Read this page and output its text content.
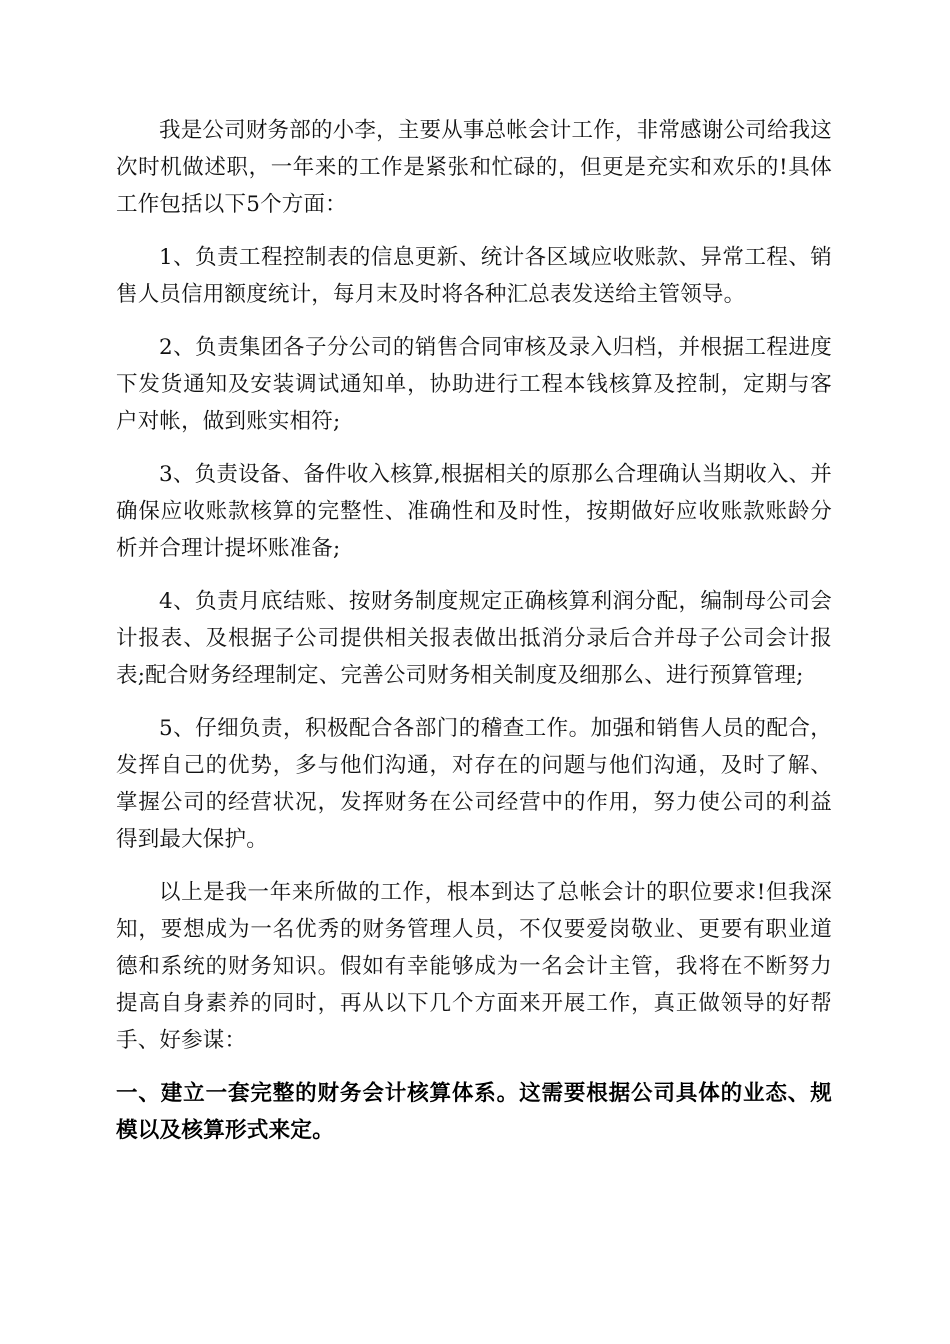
我是公司财务部的小李，主要从事总帐会计工作，非常感谢公司给我这次时机做述职，一年来的工作是紧张和忙碌的，但更是充实和欢乐的!具体工作包括以下5个方面：

1、负责工程控制表的信息更新、统计各区域应收账款、异常工程、销售人员信用额度统计，每月末及时将各种汇总表发送给主管领导。

2、负责集团各子分公司的销售合同审核及录入归档，并根据工程进度下发货通知及安装调试通知单，协助进行工程本钱核算及控制，定期与客户对帐，做到账实相符;

3、负责设备、备件收入核算,根据相关的原那么合理确认当期收入、并确保应收账款核算的完整性、准确性和及时性，按期做好应收账款账龄分析并合理计提坏账准备;

4、负责月底结账、按财务制度规定正确核算利润分配，编制母公司会计报表、及根据子公司提供相关报表做出抵消分录后合并母子公司会计报表;配合财务经理制定、完善公司财务相关制度及细那么、进行预算管理;

5、仔细负责，积极配合各部门的稽查工作。加强和销售人员的配合，发挥自己的优势，多与他们沟通，对存在的问题与他们沟通，及时了解、掌握公司的经营状况，发挥财务在公司经营中的作用，努力使公司的利益得到最大保护。

以上是我一年来所做的工作，根本到达了总帐会计的职位要求!但我深知，要想成为一名优秀的财务管理人员，不仅要爱岗敬业、更要有职业道德和系统的财务知识。假如有幸能够成为一名会计主管，我将在不断努力提高自身素养的同时，再从以下几个方面来开展工作，真正做领导的好帮手、好参谋：

一、建立一套完整的财务会计核算体系。这需要根据公司具体的业态、规模以及核算形式来定。
